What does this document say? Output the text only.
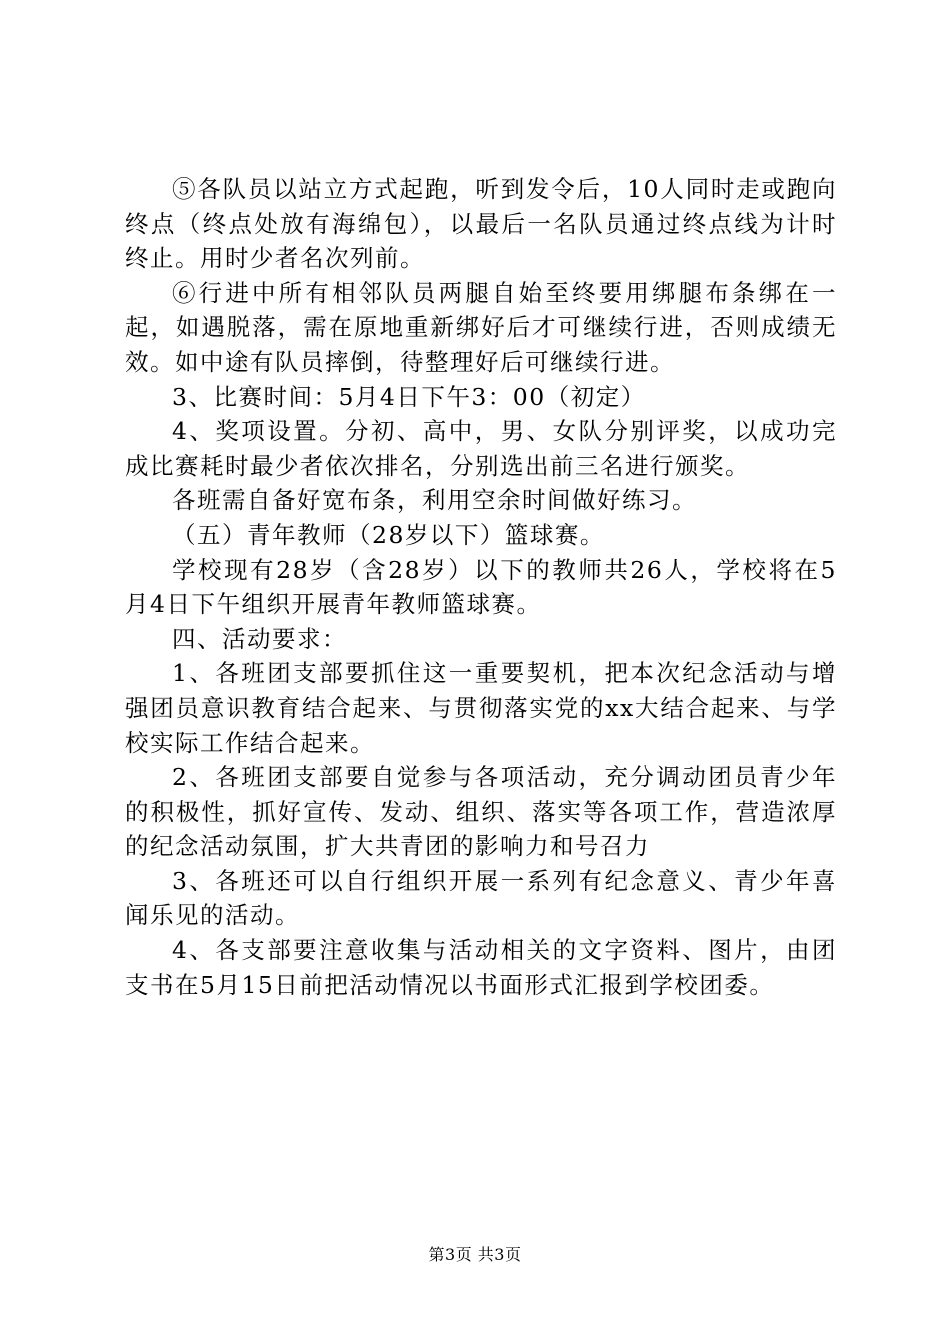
⑤各队员以站立方式起跑，听到发令后，10人同时走或跑向终点（终点处放有海绵包），以最后一名队员通过终点线为计时终止。用时少者名次列前。

⑥行进中所有相邻队员两腿自始至终要用绑腿布条绑在一起，如遇脱落，需在原地重新绑好后才可继续行进，否则成绩无效。如中途有队员摔倒，待整理好后可继续行进。

3、比赛时间：5月4日下午3：00（初定）

4、奖项设置。分初、高中，男、女队分别评奖，以成功完成比赛耗时最少者依次排名，分别选出前三名进行颁奖。

各班需自备好宽布条，利用空余时间做好练习。

（五）青年教师（28岁以下）篮球赛。

学校现有28岁（含28岁）以下的教师共26人，学校将在5月4日下午组织开展青年教师篮球赛。

四、活动要求：

1、各班团支部要抓住这一重要契机，把本次纪念活动与增强团员意识教育结合起来、与贯彻落实党的xx大结合起来、与学校实际工作结合起来。

2、各班团支部要自觉参与各项活动，充分调动团员青少年的积极性，抓好宣传、发动、组织、落实等各项工作，营造浓厚的纪念活动氛围，扩大共青团的影响力和号召力

3、各班还可以自行组织开展一系列有纪念意义、青少年喜闻乐见的活动。

4、各支部要注意收集与活动相关的文字资料、图片，由团支书在5月15日前把活动情况以书面形式汇报到学校团委。

第3页 共3页
